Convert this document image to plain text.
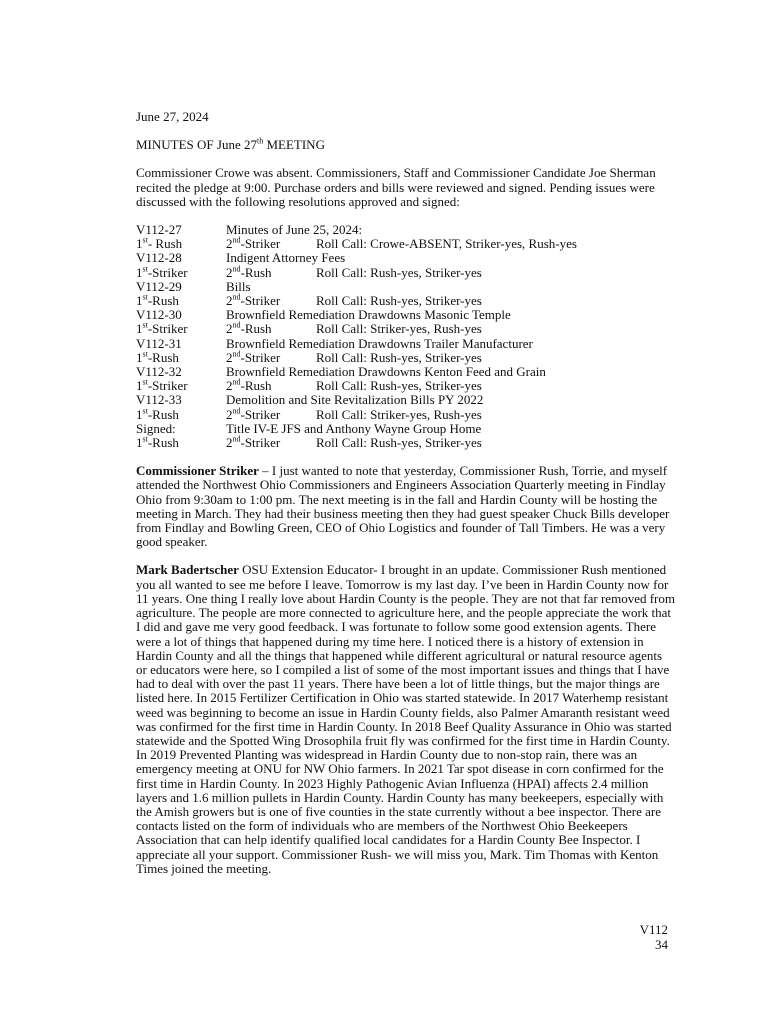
June 27, 2024

MINUTES OF June 27th MEETING

Commissioner Crowe was absent. Commissioners, Staff and Commissioner Candidate Joe Sherman recited the pledge at 9:00. Purchase orders and bills were reviewed and signed. Pending issues were discussed with the following resolutions approved and signed:

V112-27	Minutes of June 25, 2024:	
1st- Rush	2nd-Striker	Roll Call: Crowe-ABSENT, Striker-yes, Rush-yes
V112-28	Indigent Attorney Fees	
1st-Striker	2nd-Rush	Roll Call: Rush-yes, Striker-yes
V112-29	Bills	
1st-Rush	2nd-Striker	Roll Call: Rush-yes, Striker-yes
V112-30	Brownfield Remediation Drawdowns Masonic Temple	
1st-Striker	2nd-Rush	Roll Call: Striker-yes, Rush-yes
V112-31	Brownfield Remediation Drawdowns Trailer Manufacturer	
1st-Rush	2nd-Striker	Roll Call: Rush-yes, Striker-yes
V112-32	Brownfield Remediation Drawdowns Kenton Feed and Grain	
1st-Striker	2nd-Rush	Roll Call: Rush-yes, Striker-yes
V112-33	Demolition and Site Revitalization Bills PY 2022	
1st-Rush	2nd-Striker	Roll Call: Striker-yes, Rush-yes
Signed:	Title IV-E JFS and Anthony Wayne Group Home	
1st-Rush	2nd-Striker	Roll Call: Rush-yes, Striker-yes

Commissioner Striker – I just wanted to note that yesterday, Commissioner Rush, Torrie, and myself attended the Northwest Ohio Commissioners and Engineers Association Quarterly meeting in Findlay Ohio from 9:30am to 1:00 pm. The next meeting is in the fall and Hardin County will be hosting the meeting in March. They had their business meeting then they had guest speaker Chuck Bills developer from Findlay and Bowling Green, CEO of Ohio Logistics and founder of Tall Timbers. He was a very good speaker.

Mark Badertscher OSU Extension Educator- I brought in an update. Commissioner Rush mentioned you all wanted to see me before I leave. Tomorrow is my last day. I’ve been in Hardin County now for 11 years. One thing I really love about Hardin County is the people. They are not that far removed from agriculture. The people are more connected to agriculture here, and the people appreciate the work that I did and gave me very good feedback. I was fortunate to follow some good extension agents. There were a lot of things that happened during my time here. I noticed there is a history of extension in Hardin County and all the things that happened while different agricultural or natural resource agents or educators were here, so I compiled a list of some of the most important issues and things that I have had to deal with over the past 11 years. There have been a lot of little things, but the major things are listed here. In 2015 Fertilizer Certification in Ohio was started statewide. In 2017 Waterhemp resistant weed was beginning to become an issue in Hardin County fields, also Palmer Amaranth resistant weed was confirmed for the first time in Hardin County. In 2018 Beef Quality Assurance in Ohio was started statewide and the Spotted Wing Drosophila fruit fly was confirmed for the first time in Hardin County. In 2019 Prevented Planting was widespread in Hardin County due to non-stop rain, there was an emergency meeting at ONU for NW Ohio farmers. In 2021 Tar spot disease in corn confirmed for the first time in Hardin County. In 2023 Highly Pathogenic Avian Influenza (HPAI) affects 2.4 million layers and 1.6 million pullets in Hardin County. Hardin County has many beekeepers, especially with the Amish growers but is one of five counties in the state currently without a bee inspector. There are contacts listed on the form of individuals who are members of the Northwest Ohio Beekeepers Association that can help identify qualified local candidates for a Hardin County Bee Inspector. I appreciate all your support. Commissioner Rush- we will miss you, Mark. Tim Thomas with Kenton Times joined the meeting.

V112
34
